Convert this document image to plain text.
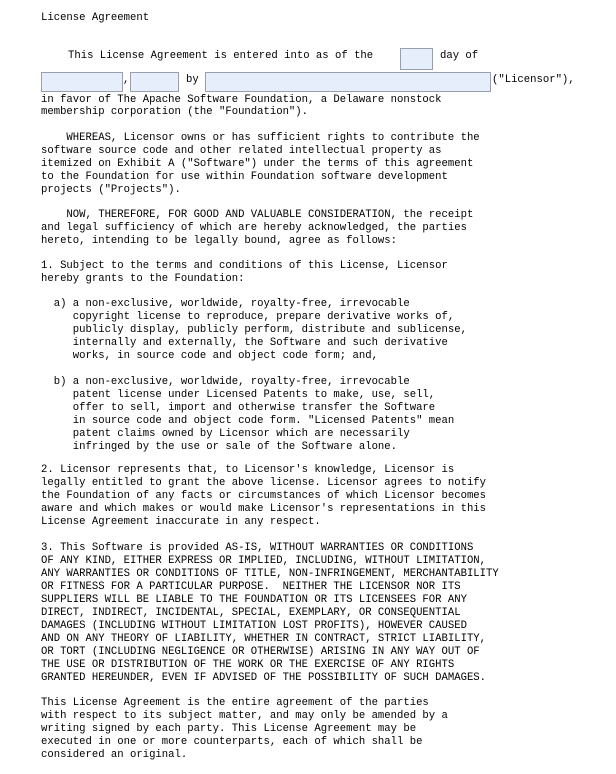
License Agreement
This License Agreement is entered into as of the	day of
,	by	("Licensor"),
in favor of The Apache Software Foundation, a Delaware nonstock
membership corporation (the "Foundation").
WHEREAS, Licensor owns or has sufficient rights to contribute the
software source code and other related intellectual property as
itemized on Exhibit A ("Software") under the terms of this agreement
to the Foundation for use within Foundation software development
projects ("Projects").
NOW, THEREFORE, FOR GOOD AND VALUABLE CONSIDERATION, the receipt
and legal sufficiency of which are hereby acknowledged, the parties
hereto, intending to be legally bound, agree as follows:
1. Subject to the terms and conditions of this License, Licensor
hereby grants to the Foundation:
a) a non-exclusive, worldwide, royalty-free, irrevocable
copyright license to reproduce, prepare derivative works of,
publicly display, publicly perform, distribute and sublicense,
internally and externally, the Software and such derivative
works, in source code and object code form; and,
b) a non-exclusive, worldwide, royalty-free, irrevocable
patent license under Licensed Patents to make, use, sell,
offer to sell, import and otherwise transfer the Software
in source code and object code form. "Licensed Patents" mean
patent claims owned by Licensor which are necessarily
infringed by the use or sale of the Software alone.
2. Licensor represents that, to Licensor's knowledge, Licensor is
legally entitled to grant the above license. Licensor agrees to notify
the Foundation of any facts or circumstances of which Licensor becomes
aware and which makes or would make Licensor's representations in this
License Agreement inaccurate in any respect.
3. This Software is provided AS-IS, WITHOUT WARRANTIES OR CONDITIONS
OF ANY KIND, EITHER EXPRESS OR IMPLIED, INCLUDING, WITHOUT LIMITATION,
ANY WARRANTIES OR CONDITIONS OF TITLE, NON-INFRINGEMENT, MERCHANTABILITY
OR FITNESS FOR A PARTICULAR PURPOSE.  NEITHER THE LICENSOR NOR ITS
SUPPLIERS WILL BE LIABLE TO THE FOUNDATION OR ITS LICENSEES FOR ANY
DIRECT, INDIRECT, INCIDENTAL, SPECIAL, EXEMPLARY, OR CONSEQUENTIAL
DAMAGES (INCLUDING WITHOUT LIMITATION LOST PROFITS), HOWEVER CAUSED
AND ON ANY THEORY OF LIABILITY, WHETHER IN CONTRACT, STRICT LIABILITY,
OR TORT (INCLUDING NEGLIGENCE OR OTHERWISE) ARISING IN ANY WAY OUT OF
THE USE OR DISTRIBUTION OF THE WORK OR THE EXERCISE OF ANY RIGHTS
GRANTED HEREUNDER, EVEN IF ADVISED OF THE POSSIBILITY OF SUCH DAMAGES.
This License Agreement is the entire agreement of the parties
with respect to its subject matter, and may only be amended by a
writing signed by each party. This License Agreement may be
executed in one or more counterparts, each of which shall be
considered an original.
